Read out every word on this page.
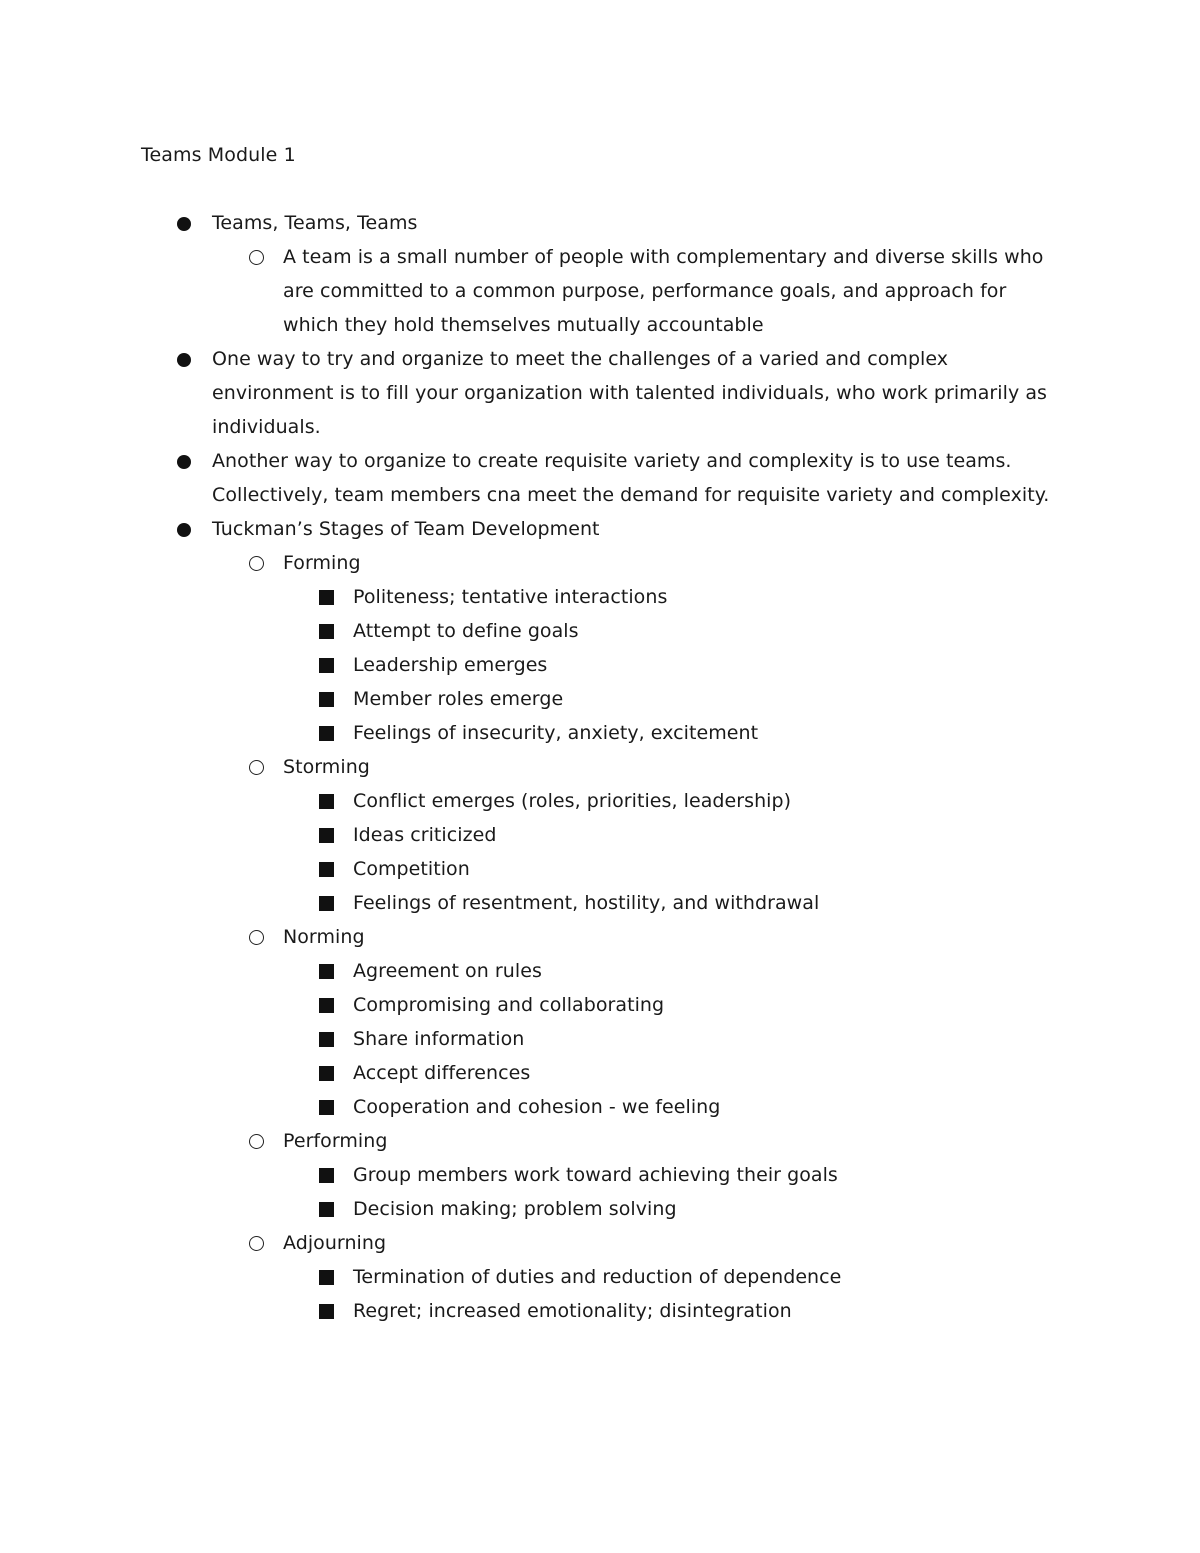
Teams Module 1
Teams, Teams, Teams
A team is a small number of people with complementary and diverse skills who are committed to a common purpose, performance goals, and approach for which they hold themselves mutually accountable
One way to try and organize to meet the challenges of a varied and complex environment is to fill your organization with talented individuals, who work primarily as individuals.
Another way to organize to create requisite variety and complexity is to use teams. Collectively, team members cna meet the demand for requisite variety and complexity.
Tuckman’s Stages of Team Development
Forming
Politeness; tentative interactions
Attempt to define goals
Leadership emerges
Member roles emerge
Feelings of insecurity, anxiety, excitement
Storming
Conflict emerges (roles, priorities, leadership)
Ideas criticized
Competition
Feelings of resentment, hostility, and withdrawal
Norming
Agreement on rules
Compromising and collaborating
Share information
Accept differences
Cooperation and cohesion - we feeling
Performing
Group members work toward achieving their goals
Decision making; problem solving
Adjourning
Termination of duties and reduction of dependence
Regret; increased emotionality; disintegration
